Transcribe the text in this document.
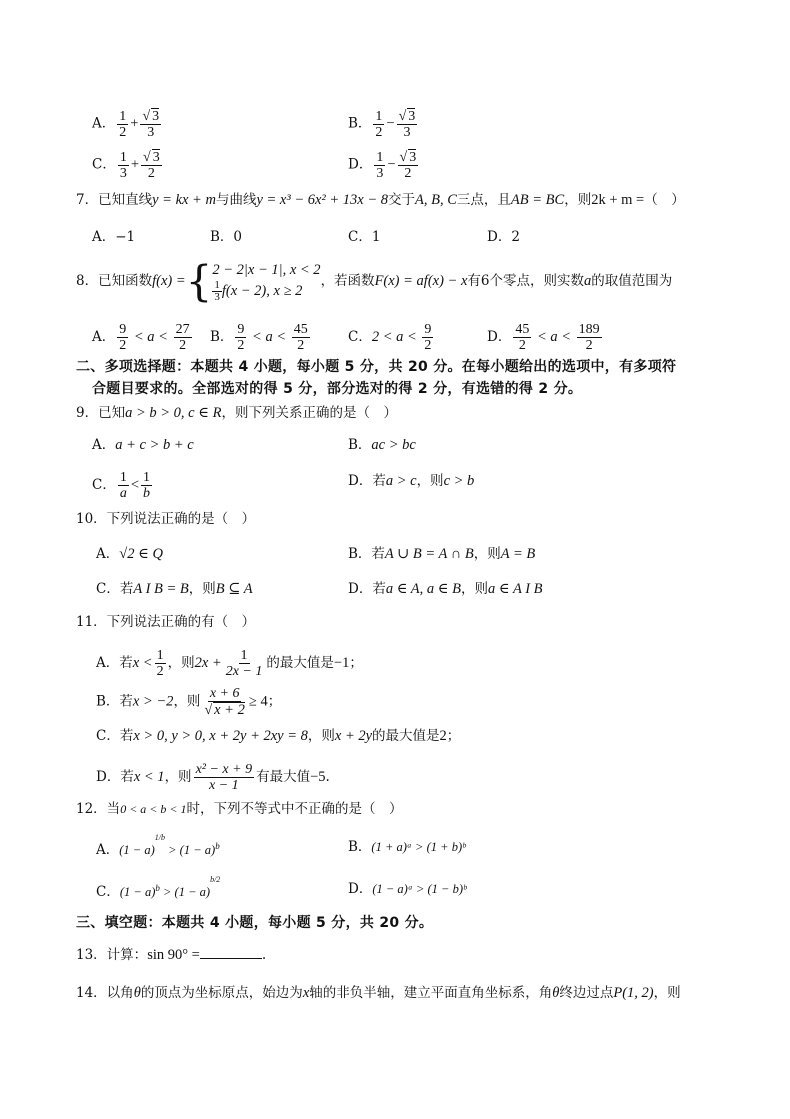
A． $\frac{1}{2} + \frac{√ 3}{3}$	B． $\frac{1}{2} - \frac{√ 3}{3}$
C． $\frac{1}{3} + \frac{√ 3}{2}$	D． $\frac{1}{3} - \frac{√ 3}{2}$
7．已知直线y = kx + m与曲线y = x³ − 6x² + 13x − 8交于A, B, C三点，且AB = BC，则2k + m =（　）
A．−1	B．0	C．1	D．2
8．已知函数f(x) ={ 2 − 2|x − 1|, x < 2
$\frac{1}{3} f(x - 2)$, x ≥ 2
，若函数F(x) = af(x) − x有6个零点，则实数a的取值范围为
A． $\frac{9}{2} < a < \frac{27}{2}$ B． $\frac{9}{2} < a < \frac{45}{2}$	C．$2 < a < \frac{9}{2}$	D． $\frac{45}{2} < a < \frac{189}{2}$
二、多项选择题：本题共 4 小题，每小题 5 分，共 20 分。在每小题给出的选项中，有多项符
合题目要求的。全部选对的得 5 分，部分选对的得 2 分，有选错的得 2 分。
9．已知a > b > 0, c ∈ R，则下列关系正确的是（　）
A．a + c > b + c	B．ac > bc
C． $\frac{1}{a} < \frac{1}{b}$	D．若a > c，则c > b
10．下列说法正确的是（　）
A．√2 ∈ Q	B．若A ∪ B = A ∩ B，则A = B
C．若A I B = B，则B ⊆ A	D．若a ∈ A, a ∈ B，则a ∈ A I B
11．下列说法正确的有（　）
A．若$x < \frac{1}{2}$ ，则$2x + \frac{1}{2x - 1}$ 的最大值是−1；
B．若x > −2，则 $\frac{x + 6}{√ x + 2} \ge 4$；
C．若x > 0, y > 0, x + 2y + 2xy = 8，则x + 2y的最大值是2；
D．若x < 1，则 $\frac{\text{x² − x + 9}}{x - 1}$ 有最大值−5.
12．当0 < a < b < 1时，下列不等式中不正确的是（　）
A．$(1 - a)^{1/b} > (1 - a)^b$	B．(1 + a)ᵃ > (1 + b)ᵇ
C．$(1 - a)^b > (1 - a)^{b/2}$
D．(1 − a)ᵃ > (1 − b)ᵇ
三、填空题：本题共 4 小题，每小题 5 分，共 20 分。
13．计算：sin 90° =	.
14．以角θ的顶点为坐标原点，始边为x轴的非负半轴，建立平面直角坐标系，角θ终边过点P(1, 2)，则
